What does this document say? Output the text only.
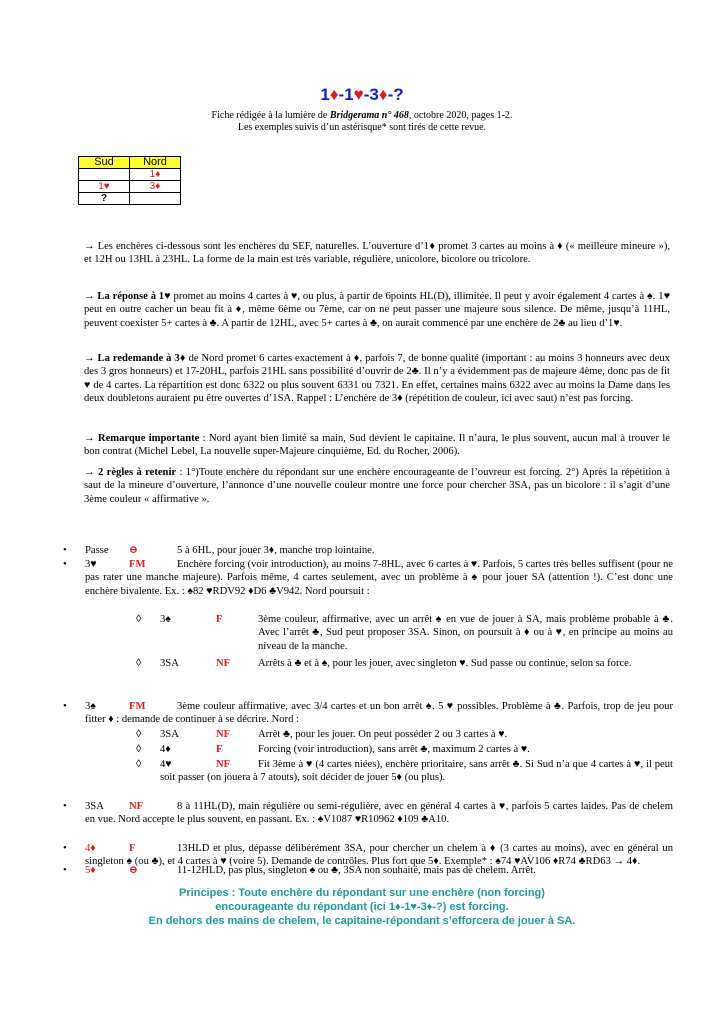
1♦-1♥-3♦-?
Fiche rédigée à la lumière de Bridgerama n° 468, octobre 2020, pages 1-2.
Les exemples suivis d’un astérisque* sont tirés de cette revue.
Sud	Nord
	1♦
1♥	3♦
?	
→ Les enchères ci-dessous sont les enchères du SEF, naturelles. L’ouverture d’1♦ promet 3 cartes au moins à ♦ (« meilleure mineure »), et 12H ou 13HL à 23HL. La forme de la main est très variable, régulière, unicolore, bicolore ou tricolore.
→ La réponse à 1♥ promet au moins 4 cartes à ♥, ou plus, à partir de 6points HL(D), illimitée. Il peut y avoir également 4 cartes à ♠. 1♥ peut en outre cacher un beau fit à ♦, même 6ème ou 7ème, car on ne peut passer une majeure sous silence. De même, jusqu’à 11HL, peuvent coexister 5+ cartes à ♣. A partir de 12HL, avec 5+ cartes à ♣, on aurait commencé par une enchère de 2♣ au lieu d’1♥.
→ La redemande à 3♦ de Nord promet 6 cartes exactement à ♦, parfois 7, de bonne qualité (important : au moins 3 honneurs avec deux des 3 gros honneurs) et 17-20HL, parfois 21HL sans possibilité d’ouvrir de 2♣. Il n’y a évidemment pas de majeure 4ème, donc pas de fit ♥ de 4 cartes. La répartition est donc 6322 ou plus souvent 6331 ou 7321. En effet, certaines mains 6322 avec au moins la Dame dans les deux doubletons auraient pu être ouvertes d’1SA. Rappel : L’enchère de 3♦ (répétition de couleur, ici avec saut) n’est pas forcing.
→ Remarque importante : Nord ayant bien limité sa main, Sud devient le capitaine. Il n’aura, le plus souvent, aucun mal à trouver le bon contrat (Michel Lebel, La nouvelle super-Majeure cinquième, Ed. du Rocher, 2006).
→ 2 règles à retenir : 1°)Toute enchère du répondant sur une enchère encourageante de l’ouvreur est forcing. 2°) Après la répétition à saut de la mineure d’ouverture, l’annonce d’une nouvelle couleur montre une force pour chercher 3SA, pas un bicolore : il s’agit d’une 3ème couleur « affirmative ».
• Passe ⊖	5 à 6HL, pour jouer 3♦, manche trop lointaine.
• 3♥	FM	Enchère forcing (voir introduction), au moins 7-8HL, avec 6 cartes à ♥. Parfois, 5 cartes très belles suffisent (pour ne pas rater une manche majeure). Parfois même, 4 cartes seulement, avec un problème à ♠ pour jouer SA (attention !). C’est donc une enchère bivalente. Ex. : ♠82 ♥RDV92 ♦D6 ♣V942. Nord poursuit :
◊ 3♠	F	3ème couleur, affirmative, avec un arrêt ♠ en vue de jouer à SA, mais problème probable à ♣. Avec l’arrêt ♣, Sud peut proposer 3SA. Sinon, on poursuit à ♦ ou à ♥, en principe au moins au niveau de la manche.
◊ 3SA	NF	Arrêts à ♣ et à ♠, pour les jouer, avec singleton ♥. Sud passe ou continue, selon sa force.
• 3♠	FM	3ème couleur affirmative, avec 3/4 cartes et un bon arrêt ♠. 5 ♥ possibles. Problème à ♣. Parfois, trop de jeu pour fitter ♦ : demande de continuer à se décrire. Nord :
◊ 3SA	NF	Arrêt ♣, pour les jouer. On peut posséder 2 ou 3 cartes à ♥.
◊ 4♦	F	Forcing (voir introduction), sans arrêt ♣, maximum 2 cartes à ♥.
◊ 4♥	NF	Fit 3ème à ♥ (4 cartes niées), enchère prioritaire, sans arrêt ♣. Si Sud n’a que 4 cartes à ♥, il peut soit passer (on jouera à 7 atouts), soit décider de jouer 5♦ (ou plus).
• 3SA NF	8 à 11HL(D), main régulière ou semi-régulière, avec en général 4 cartes à ♥, parfois 5 cartes laides. Pas de chelem en vue. Nord accepte le plus souvent, en passant. Ex. : ♠V1087 ♥R10962 ♦109 ♣A10.
• 4♦	F	13HLD et plus, dépasse délibérément 3SA, pour chercher un chelem à ♦ (3 cartes au moins), avec en général un singleton ♠ (ou ♣), et 4 cartes à ♥ (voire 5). Demande de contrôles. Plus fort que 5♦. Exemple* : ♠74 ♥AV106 ♦R74 ♣RD63 → 4♦.
Principes : Toute enchère du répondant sur une enchère (non forcing)
encourageante du répondant (ici 1♦-1♥-3♦-?) est forcing.
En dehors des mains de chelem, le capitaine-répondant s’efforcera de jouer à SA.
• 5♦	⊖	11-12HLD, pas plus, singleton ♠ ou ♣, 3SA non souhaité, mais pas de chelem. Arrêt.
